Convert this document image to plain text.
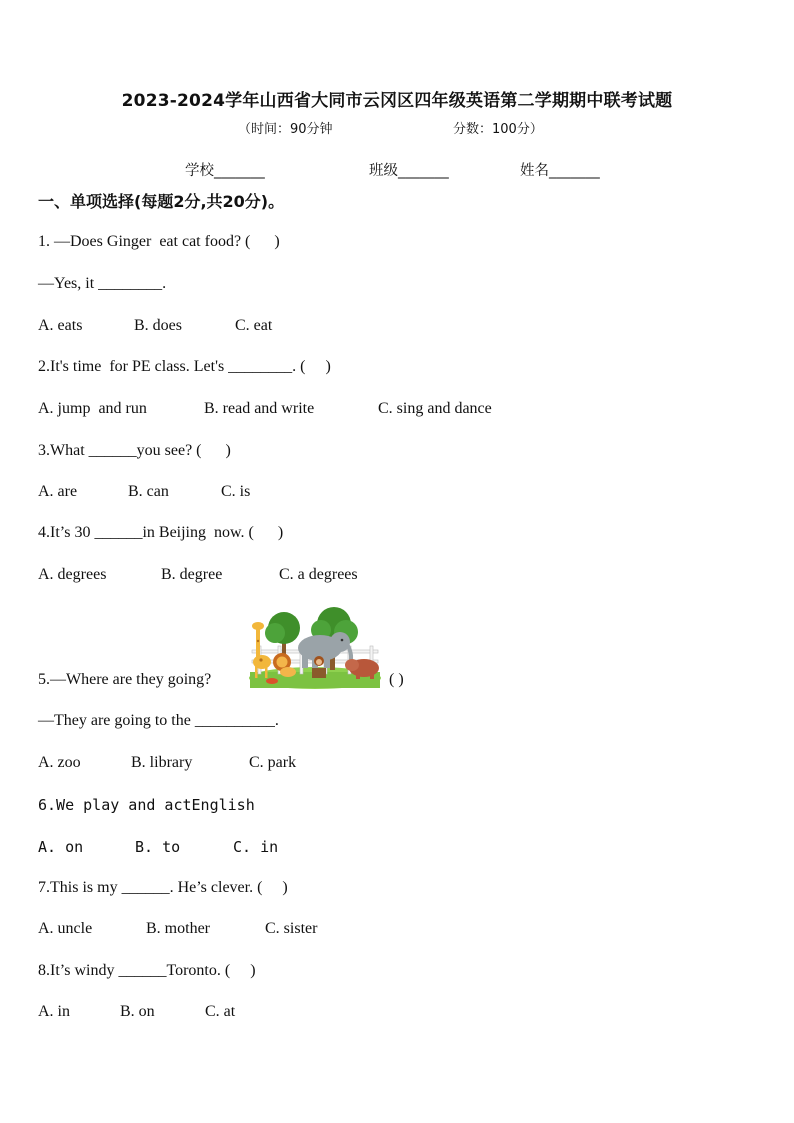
2023-2024学年山西省大同市云冈区四年级英语第二学期期中联考试题
（时间：90分钟	分数：100分）
学校_______	班级_______	姓名_______
一、单项选择(每题2分,共20分)。
1. —Does Ginger  eat cat food? (      )
—Yes, it ________.
A. eats	B. does	C. eat
2.It's time  for PE class. Let's ________. (     )
A. jump  and run	B. read and write	C. sing and dance
3.What ______you see? (      )
A. are	B. can	C. is
4.It’s 30 ______in Beijing  now. (      )
A. degrees	B. degree	C. a degrees
5.—Where are they going?	( )
—They are going to the __________.
A. zoo	B. library	C. park
6.We play and actEnglish
A. on	B. to	C. in
7.This is my ______. He’s clever. (     )
A. uncle	B. mother	C. sister
8.It’s windy ______Toronto. (     )
A. in	B. on	C. at
